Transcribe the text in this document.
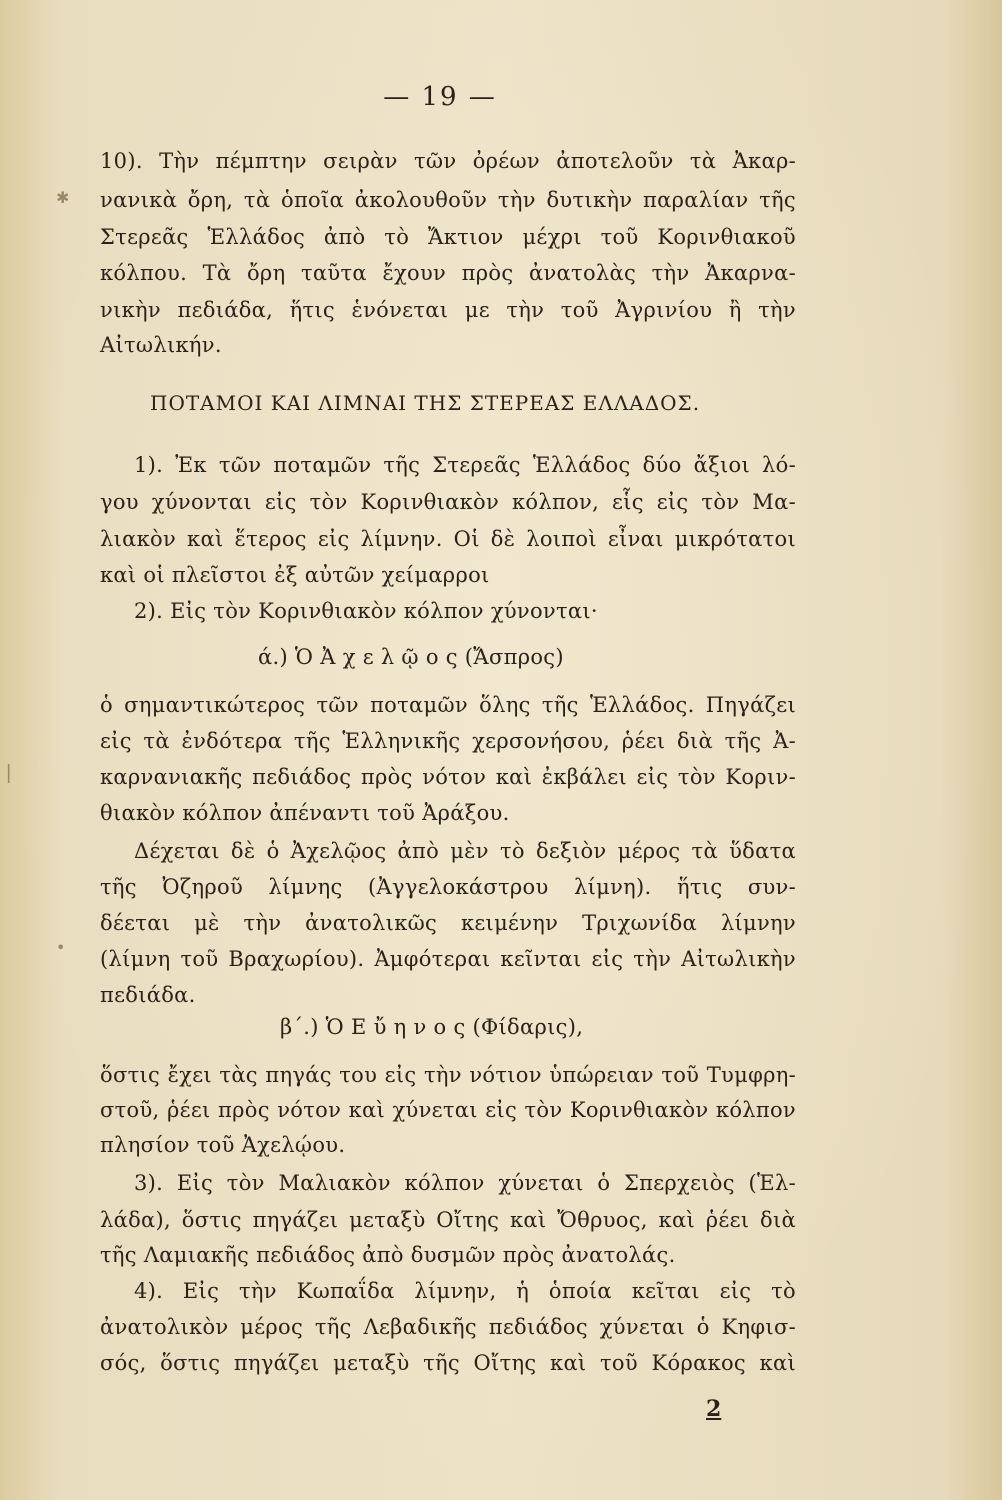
— 19 —
✱
10). Τὴν πέμπτην σειρὰν τῶν ὀρέων ἀποτελοῦν τὰ Ἀκαρ-
νανικὰ ὄρη, τὰ ὁποῖα ἀκολουθοῦν τὴν δυτικὴν παραλίαν τῆς
Στερεᾶς Ἑλλάδος ἀπὸ τὸ Ἄκτιον μέχρι τοῦ Κορινθιακοῦ
κόλπου. Τὰ ὄρη ταῦτα ἔχουν πρὸς ἀνατολὰς τὴν Ἀκαρνα-
νικὴν πεδιάδα, ἥτις ἑνόνεται με τὴν τοῦ Ἀγρινίου ἢ τὴν
Αἰτωλικήν.
ΠΟΤΑΜΟΙ ΚΑΙ ΛΙΜΝΑΙ ΤΗΣ ΣΤΕΡΕΑΣ ΕΛΛΑΔΟΣ.
1). Ἐκ τῶν ποταμῶν τῆς Στερεᾶς Ἑλλάδος δύο ἄξιοι λό-
γου χύνονται εἰς τὸν Κορινθιακὸν κόλπον, εἷς εἰς τὸν Μα-
λιακὸν καὶ ἕτερος εἰς λίμνην. Οἱ δὲ λοιποὶ εἶναι μικρότατοι
καὶ οἱ πλεῖστοι ἐξ αὐτῶν χείμαρροι
2). Εἰς τὸν Κορινθιακὸν κόλπον χύνονται·
ά.) Ὁ Ἀ χ ε λ ῷ ο ς (Ἄσπρος)
ὁ σημαντικώτερος τῶν ποταμῶν ὅλης τῆς Ἑλλάδος. Πηγάζει
εἰς τὰ ἐνδότερα τῆς Ἑλληνικῆς χερσονήσου, ῥέει διὰ τῆς Ἀ-
καρνανιακῆς πεδιάδος πρὸς νότον καὶ ἐκβάλει εἰς τὸν Κοριν-
θιακὸν κόλπον ἀπέναντι τοῦ Ἀράξου.
Δέχεται δὲ ὁ Ἀχελῷος ἀπὸ μὲν τὸ δεξιὸν μέρος τὰ ὕδατα
τῆς Ὀζηροῦ λίμνης (Ἀγγελοκάστρου λίμνη). ἥτις συν-
δέεται μὲ τὴν ἀνατολικῶς κειμένην Τριχωνίδα λίμνην
(λίμνη τοῦ Βραχωρίου). Ἀμφότεραι κεῖνται εἰς τὴν Αἰτωλικὴν
πεδιάδα.
β΄.) Ὁ Ε ὔ η ν ο ς (Φίδαρις),
ὅστις ἔχει τὰς πηγάς του εἰς τὴν νότιον ὑπώρειαν τοῦ Τυμφρη-
στοῦ, ῥέει πρὸς νότον καὶ χύνεται εἰς τὸν Κορινθιακὸν κόλπον
πλησίον τοῦ Ἀχελῴου.
3). Εἰς τὸν Μαλιακὸν κόλπον χύνεται ὁ Σπερχειὸς (Ἑλ-
λάδα), ὅστις πηγάζει μεταξὺ Οἴτης καὶ Ὄθρυος, καὶ ῥέει διὰ
τῆς Λαμιακῆς πεδιάδος ἀπὸ δυσμῶν πρὸς ἀνατολάς.
4). Εἰς τὴν Κωπαΐδα λίμνην, ἡ ὁποία κεῖται εἰς τὸ
ἀνατολικὸν μέρος τῆς Λεβαδικῆς πεδιάδος χύνεται ὁ Κηφισ-
σός, ὅστις πηγάζει μεταξὺ τῆς Οἴτης καὶ τοῦ Κόρακος καὶ
2
▏
•
